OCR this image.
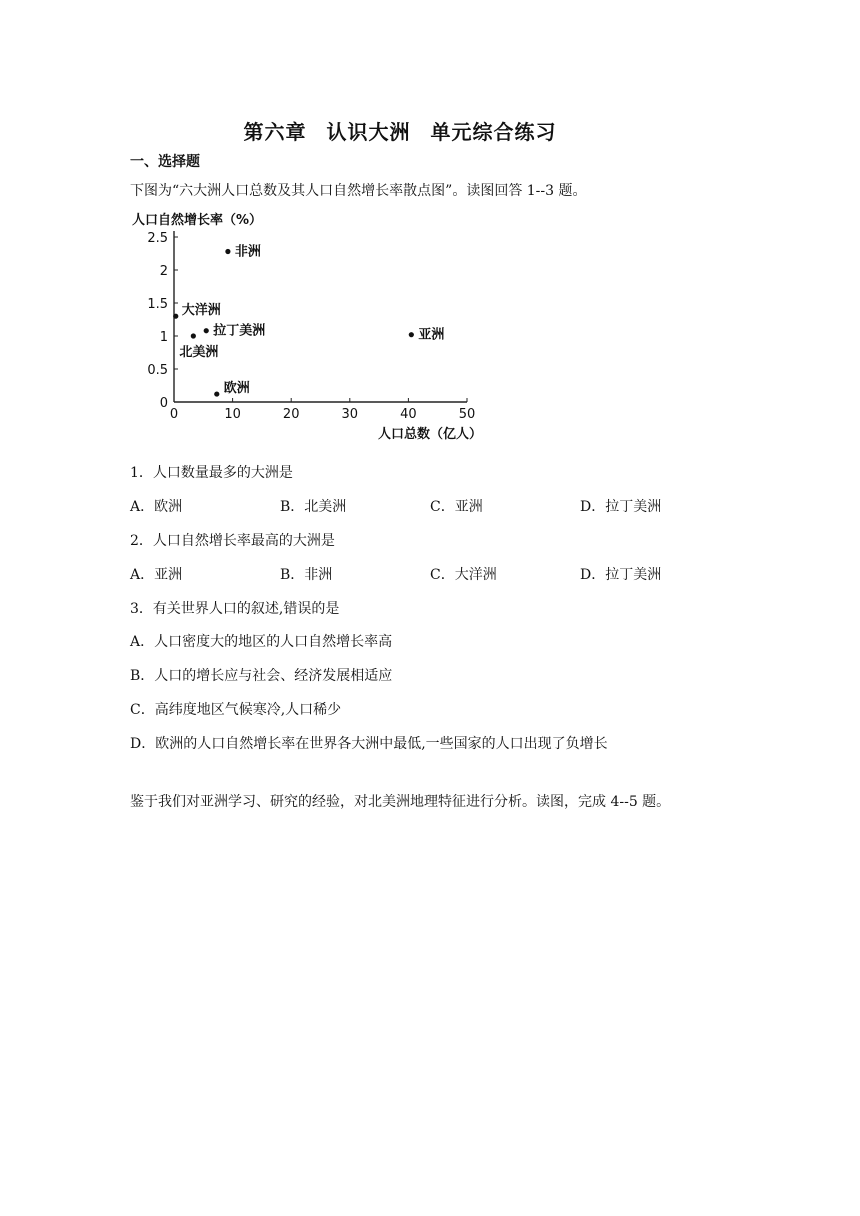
第六章 认识大洲 单元综合练习
一、选择题
下图为“六大洲人口总数及其人口自然增长率散点图”。读图回答 1--3 题。
0	10	20	30	40	50
0
0.5
1
1.5
2
2.5
人口自然增长率（%）
人口总数（亿人）
非洲
大洋洲
拉丁美洲
北美洲
亚洲
欧洲
1．人口数量最多的大洲是
A．欧洲	B．北美洲	C．亚洲	D．拉丁美洲
2．人口自然增长率最高的大洲是
A．亚洲	B．非洲	C．大洋洲	D．拉丁美洲
3．有关世界人口的叙述,错误的是
A．人口密度大的地区的人口自然增长率高
B．人口的增长应与社会、经济发展相适应
C．高纬度地区气候寒冷,人口稀少
D．欧洲的人口自然增长率在世界各大洲中最低,一些国家的人口出现了负增长
鉴于我们对亚洲学习、研究的经验，对北美洲地理特征进行分析。读图，完成 4--5 题。
